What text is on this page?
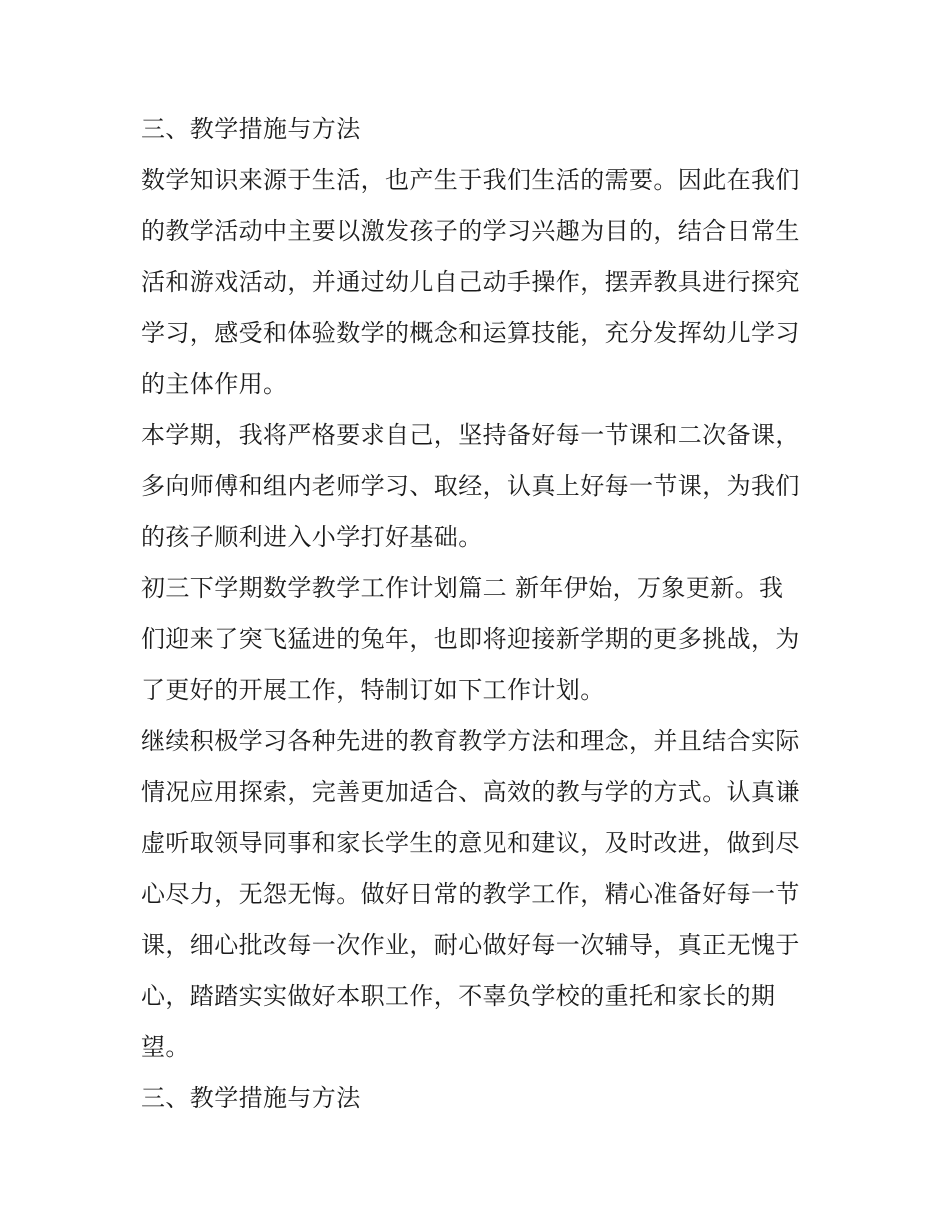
三、教学措施与方法
数学知识来源于生活，也产生于我们生活的需要。因此在我们
的教学活动中主要以激发孩子的学习兴趣为目的，结合日常生
活和游戏活动，并通过幼儿自己动手操作，摆弄教具进行探究
学习，感受和体验数学的概念和运算技能，充分发挥幼儿学习
的主体作用。
本学期，我将严格要求自己，坚持备好每一节课和二次备课，
多向师傅和组内老师学习、取经，认真上好每一节课，为我们
的孩子顺利进入小学打好基础。
初三下学期数学教学工作计划篇二 新年伊始，万象更新。我
们迎来了突飞猛进的兔年，也即将迎接新学期的更多挑战，为
了更好的开展工作，特制订如下工作计划。
继续积极学习各种先进的教育教学方法和理念，并且结合实际
情况应用探索，完善更加适合、高效的教与学的方式。认真谦
虚听取领导同事和家长学生的意见和建议，及时改进，做到尽
心尽力，无怨无悔。做好日常的教学工作，精心准备好每一节
课，细心批改每一次作业，耐心做好每一次辅导，真正无愧于
心，踏踏实实做好本职工作，不辜负学校的重托和家长的期
望。
三、教学措施与方法
